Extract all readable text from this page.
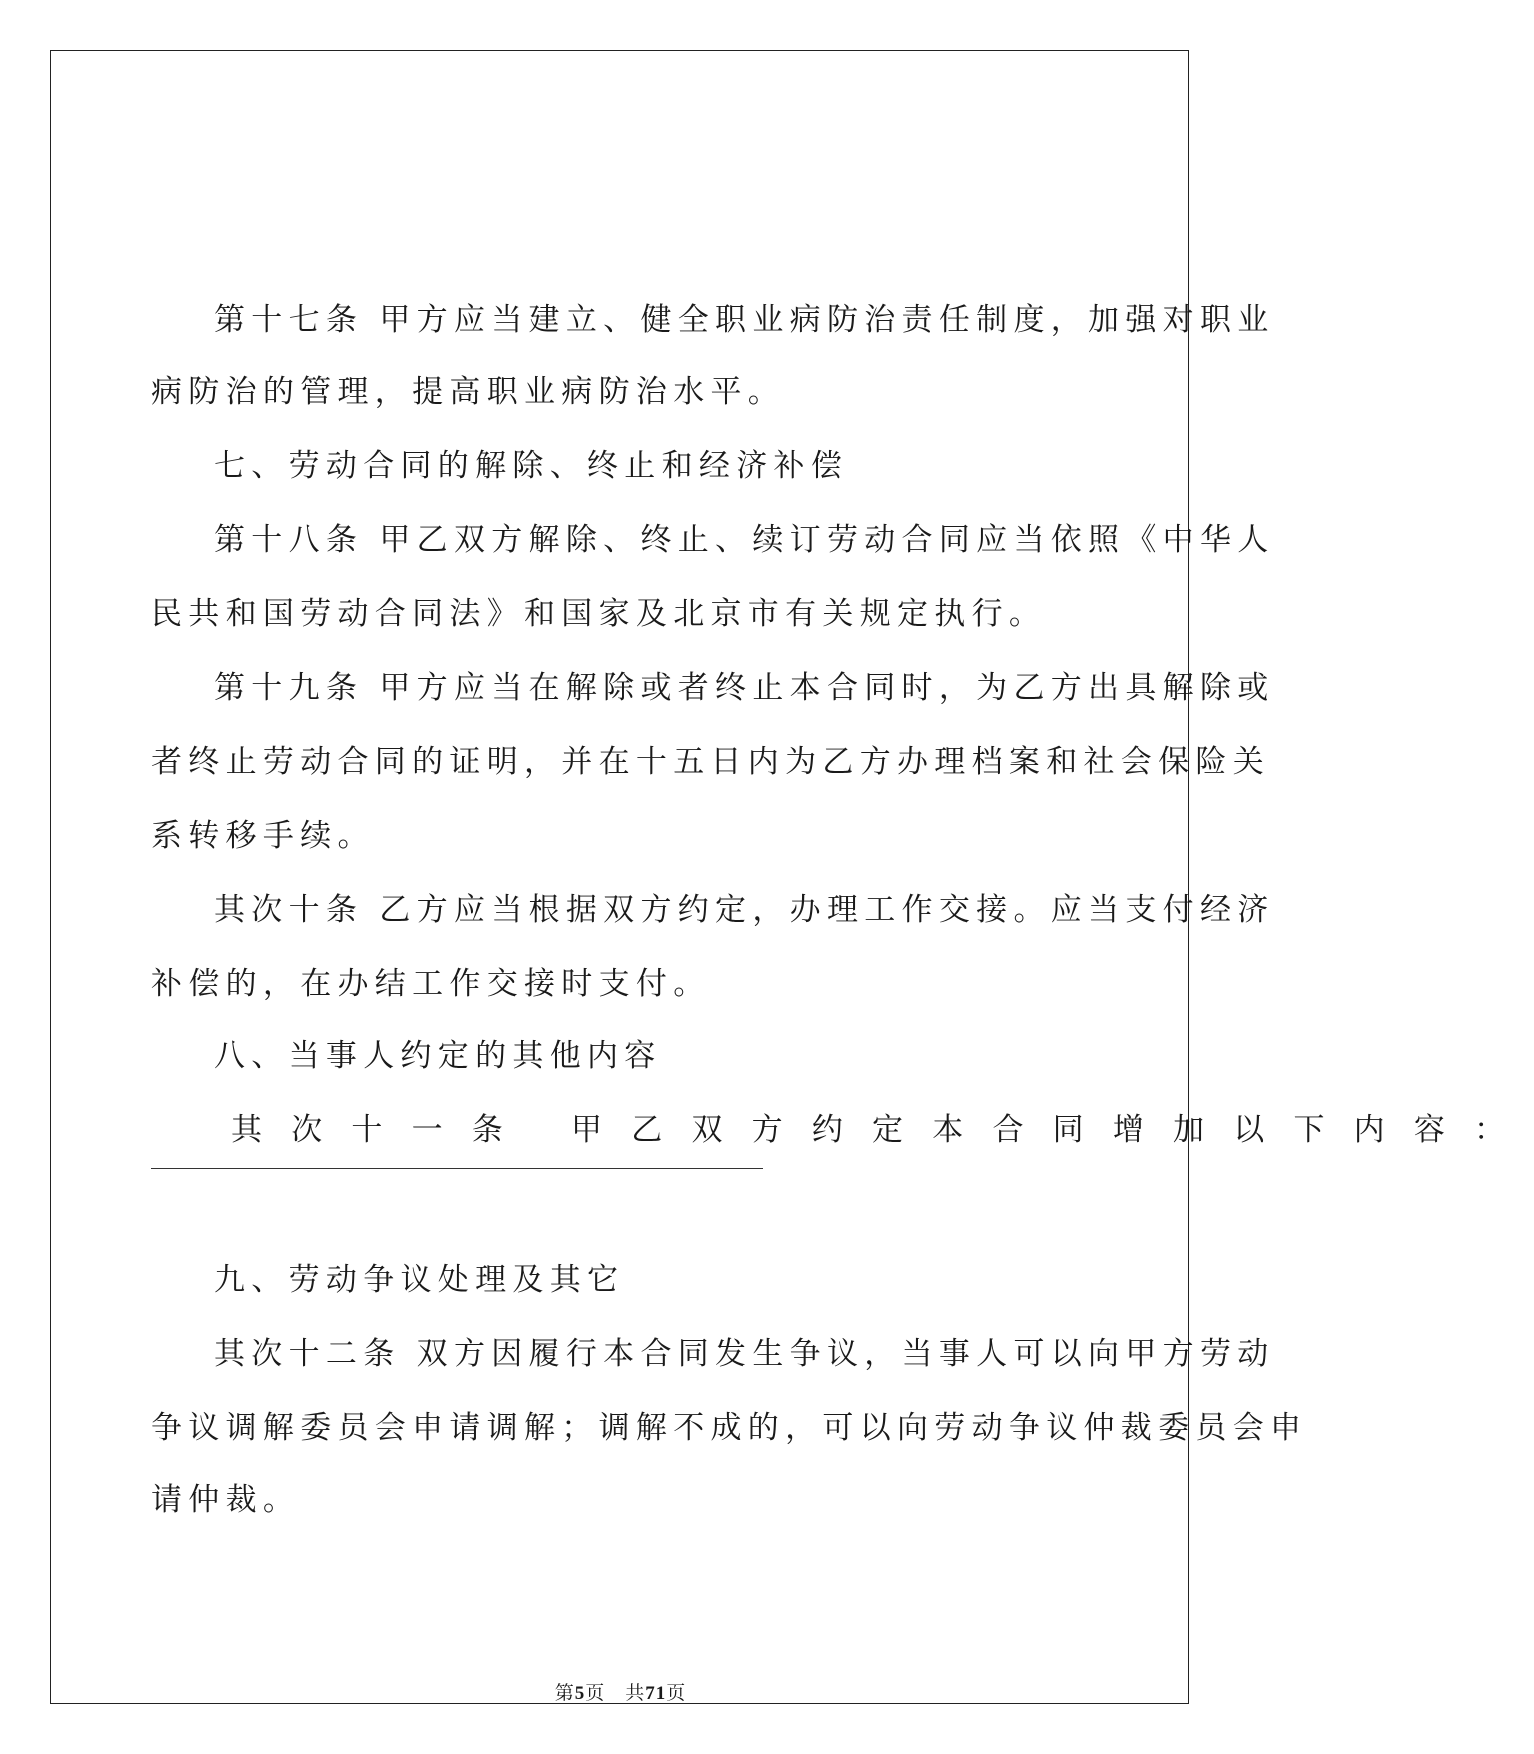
第十七条 甲方应当建立、健全职业病防治责任制度，加强对职业
病防治的管理，提高职业病防治水平。
七、劳动合同的解除、终止和经济补偿
第十八条 甲乙双方解除、终止、续订劳动合同应当依照《中华人
民共和国劳动合同法》和国家及北京市有关规定执行。
第十九条 甲方应当在解除或者终止本合同时，为乙方出具解除或
者终止劳动合同的证明，并在十五日内为乙方办理档案和社会保险关
系转移手续。
其次十条 乙方应当根据双方约定，办理工作交接。应当支付经济
补偿的，在办结工作交接时支付。
八、当事人约定的其他内容
其次十一条 甲乙双方约定本合同增加以下内容：
九、劳动争议处理及其它
其次十二条 双方因履行本合同发生争议，当事人可以向甲方劳动
争议调解委员会申请调解；调解不成的，可以向劳动争议仲裁委员会申
请仲裁。
第5页　共71页
